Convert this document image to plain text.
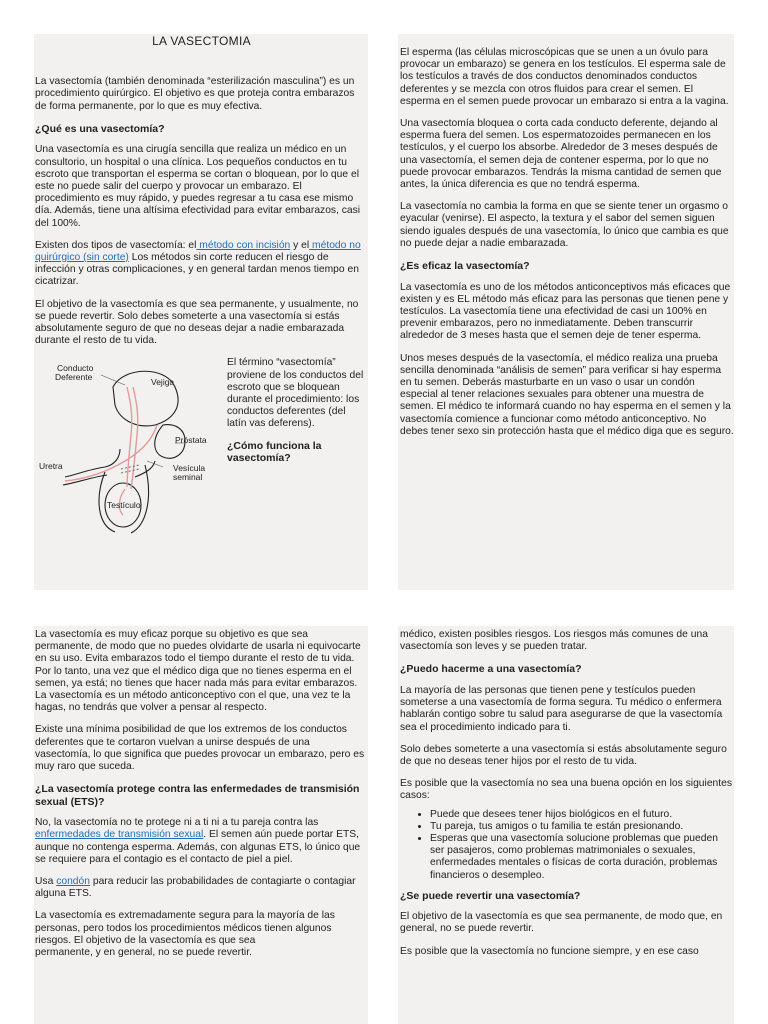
LA VASECTOMIA

La vasectomía (también denominada “esterilización masculina”) es un procedimiento quirúrgico. El objetivo es que proteja contra embarazos de forma permanente, por lo que es muy efectiva.

¿Qué es una vasectomía?

Una vasectomía es una cirugía sencilla que realiza un médico en un consultorio, un hospital o una clínica. Los pequeños conductos en tu escroto que transportan el esperma se cortan o bloquean, por lo que el este no puede salir del cuerpo y provocar un embarazo. El procedimiento es muy rápido, y puedes regresar a tu casa ese mismo día. Además, tiene una altísima efectividad para evitar embarazos, casi del 100%.

Existen dos tipos de vasectomía: el método con incisión y el método no quirúrgico (sin corte) Los métodos sin corte reducen el riesgo de infección y otras complicaciones, y en general tardan menos tiempo en cicatrizar.

El objetivo de la vasectomía es que sea permanente, y usualmente, no se puede revertir. Solo debes someterte a una vasectomía si estás absolutamente seguro de que no deseas dejar a nadie embarazada durante el resto de tu vida.

Conducto
Deferente	Vejiga
Próstata
Uretra	Vesícula
seminal
Testículo

El término “vasectomía” proviene de los conductos del escroto que se bloquean durante el procedimiento: los conductos deferentes (del latín vas deferens).

¿Cómo funciona la vasectomía?

El esperma (las células microscópicas que se unen a un óvulo para provocar un embarazo) se genera en los testículos. El esperma sale de los testículos a través de dos conductos denominados conductos deferentes y se mezcla con otros fluidos para crear el semen. El esperma en el semen puede provocar un embarazo si entra a la vagina.

Una vasectomía bloquea o corta cada conducto deferente, dejando al esperma fuera del semen. Los espermatozoides permanecen en los testículos, y el cuerpo los absorbe. Alrededor de 3 meses después de una vasectomía, el semen deja de contener esperma, por lo que no puede provocar embarazos. Tendrás la misma cantidad de semen que antes, la única diferencia es que no tendrá esperma.

La vasectomía no cambia la forma en que se siente tener un orgasmo o eyacular (venirse). El aspecto, la textura y el sabor del semen siguen siendo iguales después de una vasectomía, lo único que cambia es que no puede dejar a nadie embarazada.

¿Es eficaz la vasectomía?

La vasectomía es uno de los métodos anticonceptivos más eficaces que existen y es EL método más eficaz para las personas que tienen pene y testículos. La vasectomía tiene una efectividad de casi un 100% en prevenir embarazos, pero no inmediatamente. Deben transcurrir alrededor de 3 meses hasta que el semen deje de tener esperma.

Unos meses después de la vasectomía, el médico realiza una prueba sencilla denominada “análisis de semen” para verificar si hay esperma en tu semen. Deberás masturbarte en un vaso o usar un condón especial al tener relaciones sexuales para obtener una muestra de semen. El médico te informará cuando no hay esperma en el semen y la vasectomía comience a funcionar como método anticonceptivo. No debes tener sexo sin protección hasta que el médico diga que es seguro.

La vasectomía es muy eficaz porque su objetivo es que sea permanente, de modo que no puedes olvidarte de usarla ni equivocarte en su uso. Evita embarazos todo el tiempo durante el resto de tu vida. Por lo tanto, una vez que el médico diga que no tienes esperma en el semen, ya está; no tienes que hacer nada más para evitar embarazos. La vasectomía es un método anticonceptivo con el que, una vez te la hagas, no tendrás que volver a pensar al respecto.

Existe una mínima posibilidad de que los extremos de los conductos deferentes que te cortaron vuelvan a unirse después de una vasectomía, lo que significa que puedes provocar un embarazo, pero es muy raro que suceda.

¿La vasectomía protege contra las enfermedades de transmisión sexual (ETS)?

No, la vasectomía no te protege ni a ti ni a tu pareja contra las enfermedades de transmisión sexual. El semen aún puede portar ETS, aunque no contenga esperma. Además, con algunas ETS, lo único que se requiere para el contagio es el contacto de piel a piel.

Usa condón para reducir las probabilidades de contagiarte o contagiar alguna ETS.

La vasectomía es extremadamente segura para la mayoría de las personas, pero todos los procedimientos médicos tienen algunos riesgos. El objetivo de la vasectomía es que sea

permanente, y en general, no se puede revertir.

médico, existen posibles riesgos. Los riesgos más comunes de una vasectomía son leves y se pueden tratar.

¿Puedo hacerme a una vasectomía?

La mayoría de las personas que tienen pene y testículos pueden someterse a una vasectomía de forma segura. Tu médico o enfermera hablarán contigo sobre tu salud para asegurarse de que la vasectomía sea el procedimiento indicado para ti.

Solo debes someterte a una vasectomía si estás absolutamente seguro de que no deseas tener hijos por el resto de tu vida.

Es posible que la vasectomía no sea una buena opción en los siguientes casos:

• Puede que desees tener hijos biológicos en el futuro.
• Tu pareja, tus amigos o tu familia te están presionando.
• Esperas que una vasectomía solucione problemas que pueden ser pasajeros, como problemas matrimoniales o sexuales, enfermedades mentales o físicas de corta duración, problemas financieros o desempleo.
¿Se puede revertir una vasectomía?

El objetivo de la vasectomía es que sea permanente, de modo que, en general, no se puede revertir.

Es posible que la vasectomía no funcione siempre, y en ese caso
